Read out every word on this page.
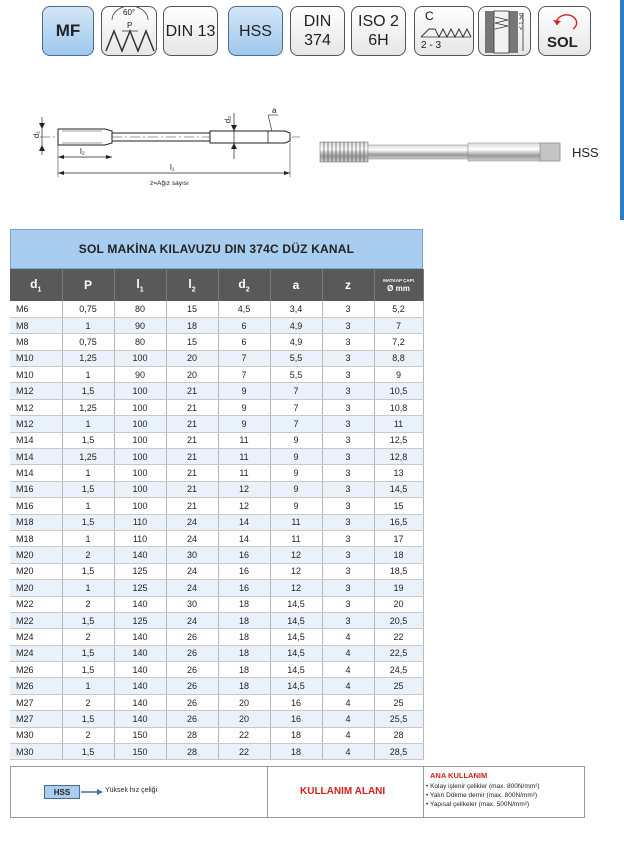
MF
60°
P DIN 13 HSS
DIN
374
ISO 2
6H
C
2 - 3
< 1,5d
SOL
d₁
l₂
l₁
d₂
a
z=Ağız sayısı
HSS
SOL MAKİNA KILAVUZU DIN 374C DÜZ KANAL
$d_1$	P	$l_1$	$l_2$	$d_2$	a	z	MATKAP ÇAPI
Ø mm

M6	0,75	80	15	4,5	3,4	3	5,2
M8	1	90	18	6	4,9	3	7
M8	0,75	80	15	6	4,9	3	7,2
M10	1,25	100	20	7	5,5	3	8,8
M10	1	90	20	7	5,5	3	9
M12	1,5	100	21	9	7	3	10,5
M12	1,25	100	21	9	7	3	10,8
M12	1	100	21	9	7	3	11
M14	1,5	100	21	11	9	3	12,5
M14	1,25	100	21	11	9	3	12,8
M14	1	100	21	11	9	3	13
M16	1,5	100	21	12	9	3	14,5
M16	1	100	21	12	9	3	15
M18	1,5	110	24	14	11	3	16,5
M18	1	110	24	14	11	3	17
M20	2	140	30	16	12	3	18
M20	1,5	125	24	16	12	3	18,5
M20	1	125	24	16	12	3	19
M22	2	140	30	18	14,5	3	20
M22	1,5	125	24	18	14,5	3	20,5
M24	2	140	26	18	14,5	4	22
M24	1,5	140	26	18	14,5	4	22,5
M26	1,5	140	26	18	14,5	4	24,5
M26	1	140	26	18	14,5	4	25
M27	2	140	26	20	16	4	25
M27	1,5	140	26	20	16	4	25,5
M30	2	150	28	22	18	4	28
M30	1,5	150	28	22	18	4	28,5
HSS	Yüksek hız çeliği	KULLANIM ALANI
ANA KULLANIM
• Kolay işlenir çelikler (max. 800N/mm²)
• Yalın Dökme demir (max. 800N/mm²)
• Yapısal çelikeler (max. 500N/mm²)
